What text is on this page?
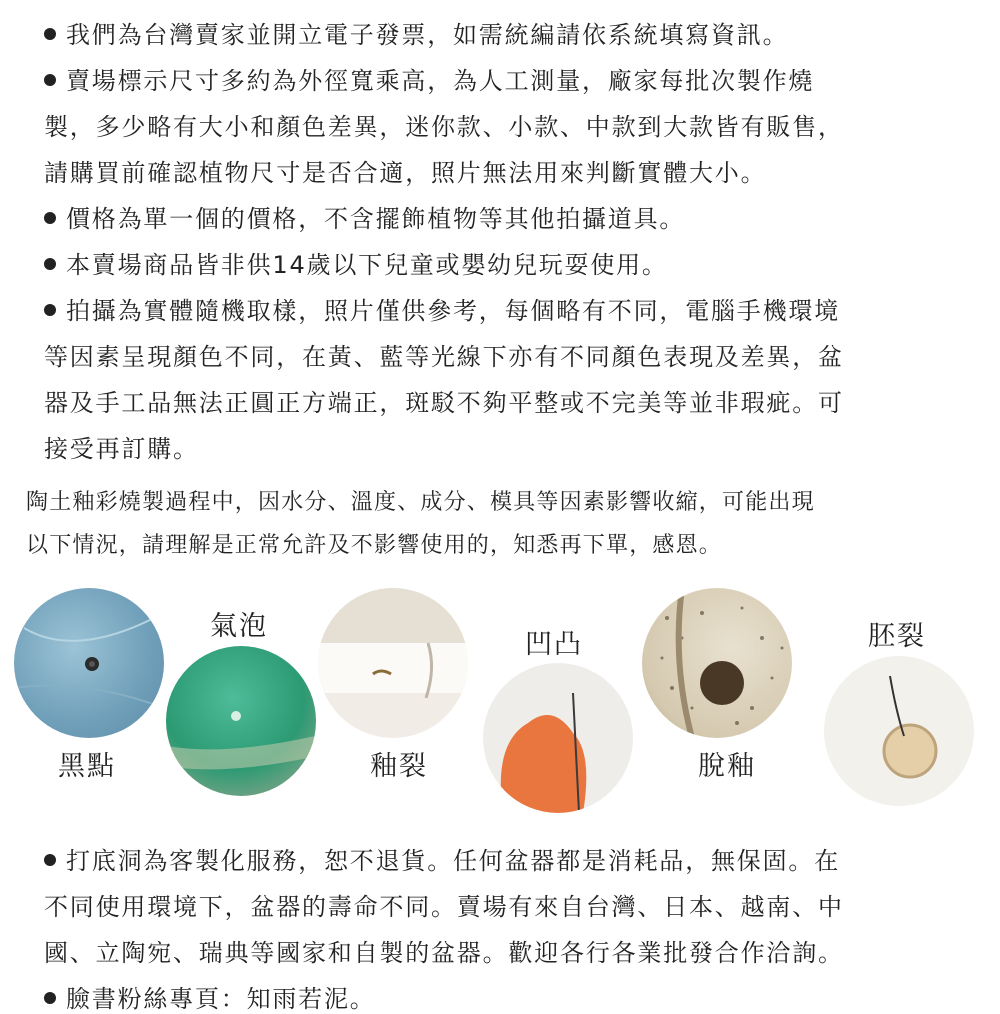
我們為台灣賣家並開立電子發票，如需統編請依系統填寫資訊。
賣場標示尺寸多約為外徑寬乘高，為人工測量，廠家每批次製作燒
製，多少略有大小和顏色差異，迷你款、小款、中款到大款皆有販售，
請購買前確認植物尺寸是否合適，照片無法用來判斷實體大小。
價格為單一個的價格，不含擺飾植物等其他拍攝道具。
本賣場商品皆非供14歲以下兒童或嬰幼兒玩耍使用。
拍攝為實體隨機取樣，照片僅供參考，每個略有不同，電腦手機環境
等因素呈現顏色不同，在黃、藍等光線下亦有不同顏色表現及差異，盆
器及手工品無法正圓正方端正，斑駁不夠平整或不完美等並非瑕疵。可
接受再訂購。
陶土釉彩燒製過程中，因水分、溫度、成分、模具等因素影響收縮，可能出現
以下情況，請理解是正常允許及不影響使用的，知悉再下單，感恩。
黑點
氣泡
釉裂
凹凸
脫釉
胚裂
打底洞為客製化服務，恕不退貨。任何盆器都是消耗品，無保固。在
不同使用環境下，盆器的壽命不同。賣場有來自台灣、日本、越南、中
國、立陶宛、瑞典等國家和自製的盆器。歡迎各行各業批發合作洽詢。
臉書粉絲專頁：知雨若泥。
